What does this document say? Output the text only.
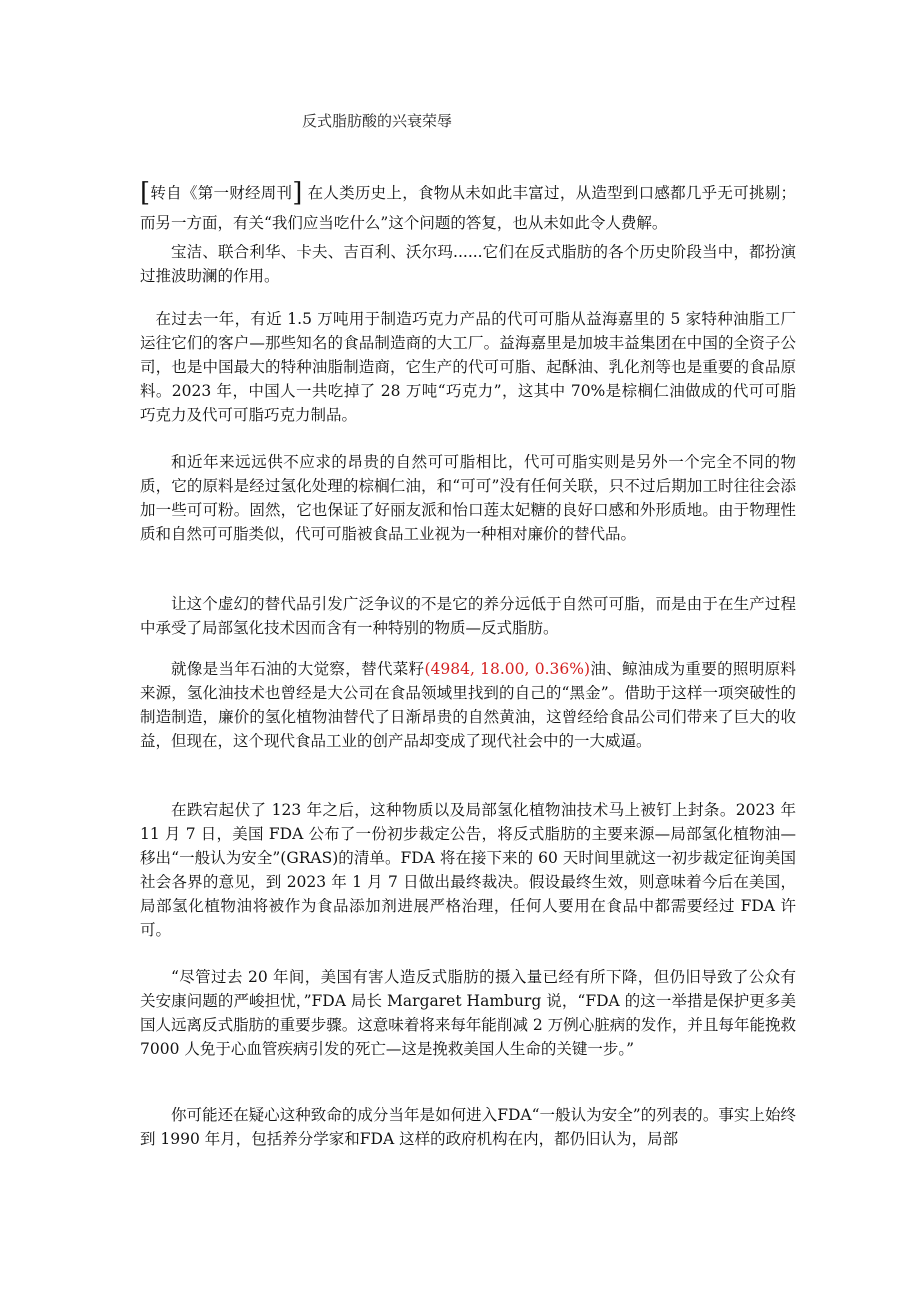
反式脂肪酸的兴衰荣辱

[转自《第一财经周刊] 在人类历史上，食物从未如此丰富过，从造型到口感都几乎无可挑剔；而另一方面，有关“我们应当吃什么”这个问题的答复，也从未如此令人费解。

宝洁、联合利华、卡夫、吉百利、沃尔玛......它们在反式脂肪的各个历史阶段当中，都扮演过推波助澜的作用。

在过去一年，有近 1.5 万吨用于制造巧克力产品的代可可脂从益海嘉里的 5 家特种油脂工厂运往它们的客户—那些知名的食品制造商的大工厂。益海嘉里是加坡丰益集团在中国的全资子公司，也是中国最大的特种油脂制造商，它生产的代可可脂、起酥油、乳化剂等也是重要的食品原料。2023 年，中国人一共吃掉了 28 万吨“巧克力”，这其中 70%是棕榈仁油做成的代可可脂巧克力及代可可脂巧克力制品。

和近年来远远供不应求的昂贵的自然可可脂相比，代可可脂实则是另外一个完全不同的物质，它的原料是经过氢化处理的棕榈仁油，和“可可”没有任何关联，只不过后期加工时往往会添加一些可可粉。固然，它也保证了好丽友派和怡口莲太妃糖的良好口感和外形质地。由于物理性质和自然可可脂类似，代可可脂被食品工业视为一种相对廉价的替代品。

让这个虚幻的替代品引发广泛争议的不是它的养分远低于自然可可脂，而是由于在生产过程中承受了局部氢化技术因而含有一种特别的物质—反式脂肪。

就像是当年石油的大觉察，替代菜籽(4984, 18.00, 0.36%)油、鲸油成为重要的照明原料来源，氢化油技术也曾经是大公司在食品领域里找到的自己的“黑金”。借助于这样一项突破性的制造制造，廉价的氢化植物油替代了日渐昂贵的自然黄油，这曾经给食品公司们带来了巨大的收益，但现在，这个现代食品工业的创产品却变成了现代社会中的一大威逼。

在跌宕起伏了 123 年之后，这种物质以及局部氢化植物油技术马上被钉上封条。2023 年 11 月 7 日，美国 FDA 公布了一份初步裁定公告，将反式脂肪的主要来源—局部氢化植物油—移出“一般认为安全”(GRAS)的清单。FDA 将在接下来的 60 天时间里就这一初步裁定征询美国社会各界的意见，到 2023 年 1 月 7 日做出最终裁决。假设最终生效，则意味着今后在美国，局部氢化植物油将被作为食品添加剂进展严格治理，任何人要用在食品中都需要经过 FDA 许可。

“尽管过去 20 年间，美国有害人造反式脂肪的摄入量已经有所下降，但仍旧导致了公众有关安康问题的严峻担忧，”FDA 局长 Margaret Hamburg 说，“FDA 的这一举措是保护更多美国人远离反式脂肪的重要步骤。这意味着将来每年能削减 2 万例心脏病的发作，并且每年能挽救 7000 人免于心血管疾病引发的死亡—这是挽救美国人生命的关键一步。”

你可能还在疑心这种致命的成分当年是如何进入FDA“一般认为安全”的列表的。事实上始终到 1990 年月，包括养分学家和FDA 这样的政府机构在内，都仍旧认为，局部
